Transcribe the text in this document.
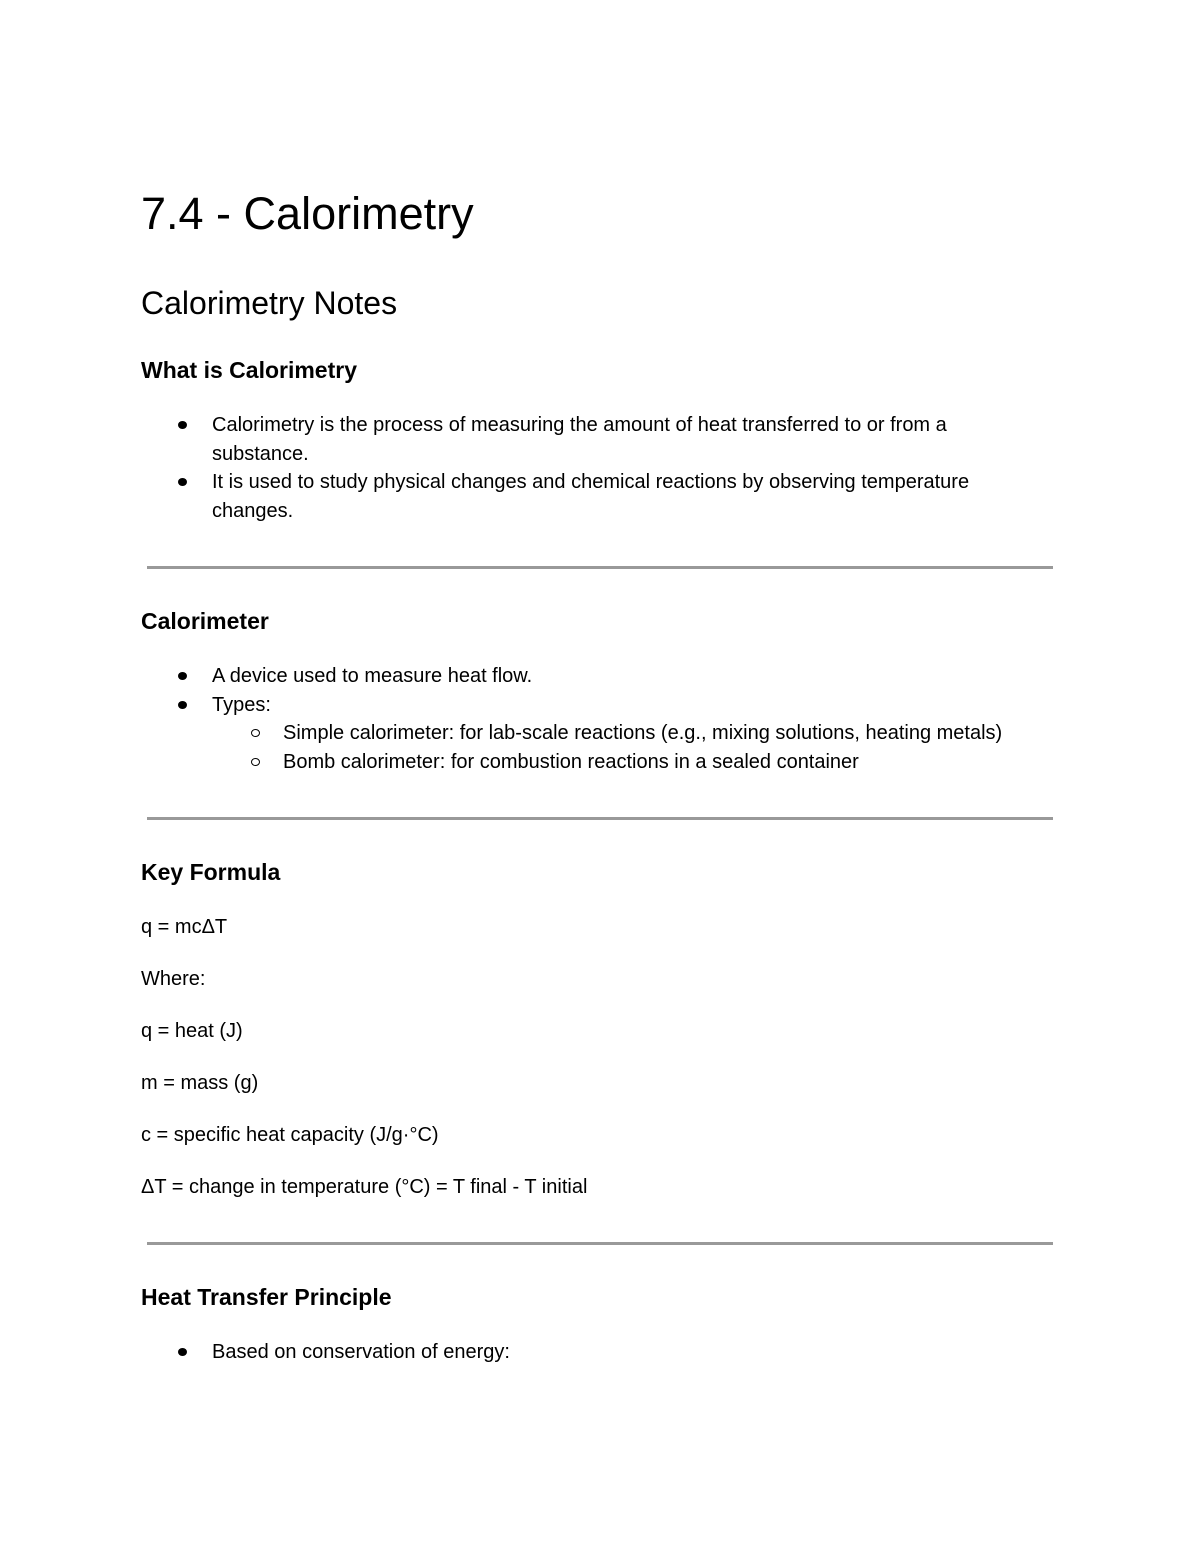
7.4 - Calorimetry
Calorimetry Notes
What is Calorimetry
Calorimetry is the process of measuring the amount of heat transferred to or from a substance.
It is used to study physical changes and chemical reactions by observing temperature changes.
Calorimeter
A device used to measure heat flow.
Types:
Simple calorimeter: for lab-scale reactions (e.g., mixing solutions, heating metals)
Bomb calorimeter: for combustion reactions in a sealed container
Key Formula

q = mcΔT

Where:

q = heat (J)

m = mass (g)

c = specific heat capacity (J/g·°C)

ΔT = change in temperature (°C) = T final - T initial

Heat Transfer Principle
Based on conservation of energy:
